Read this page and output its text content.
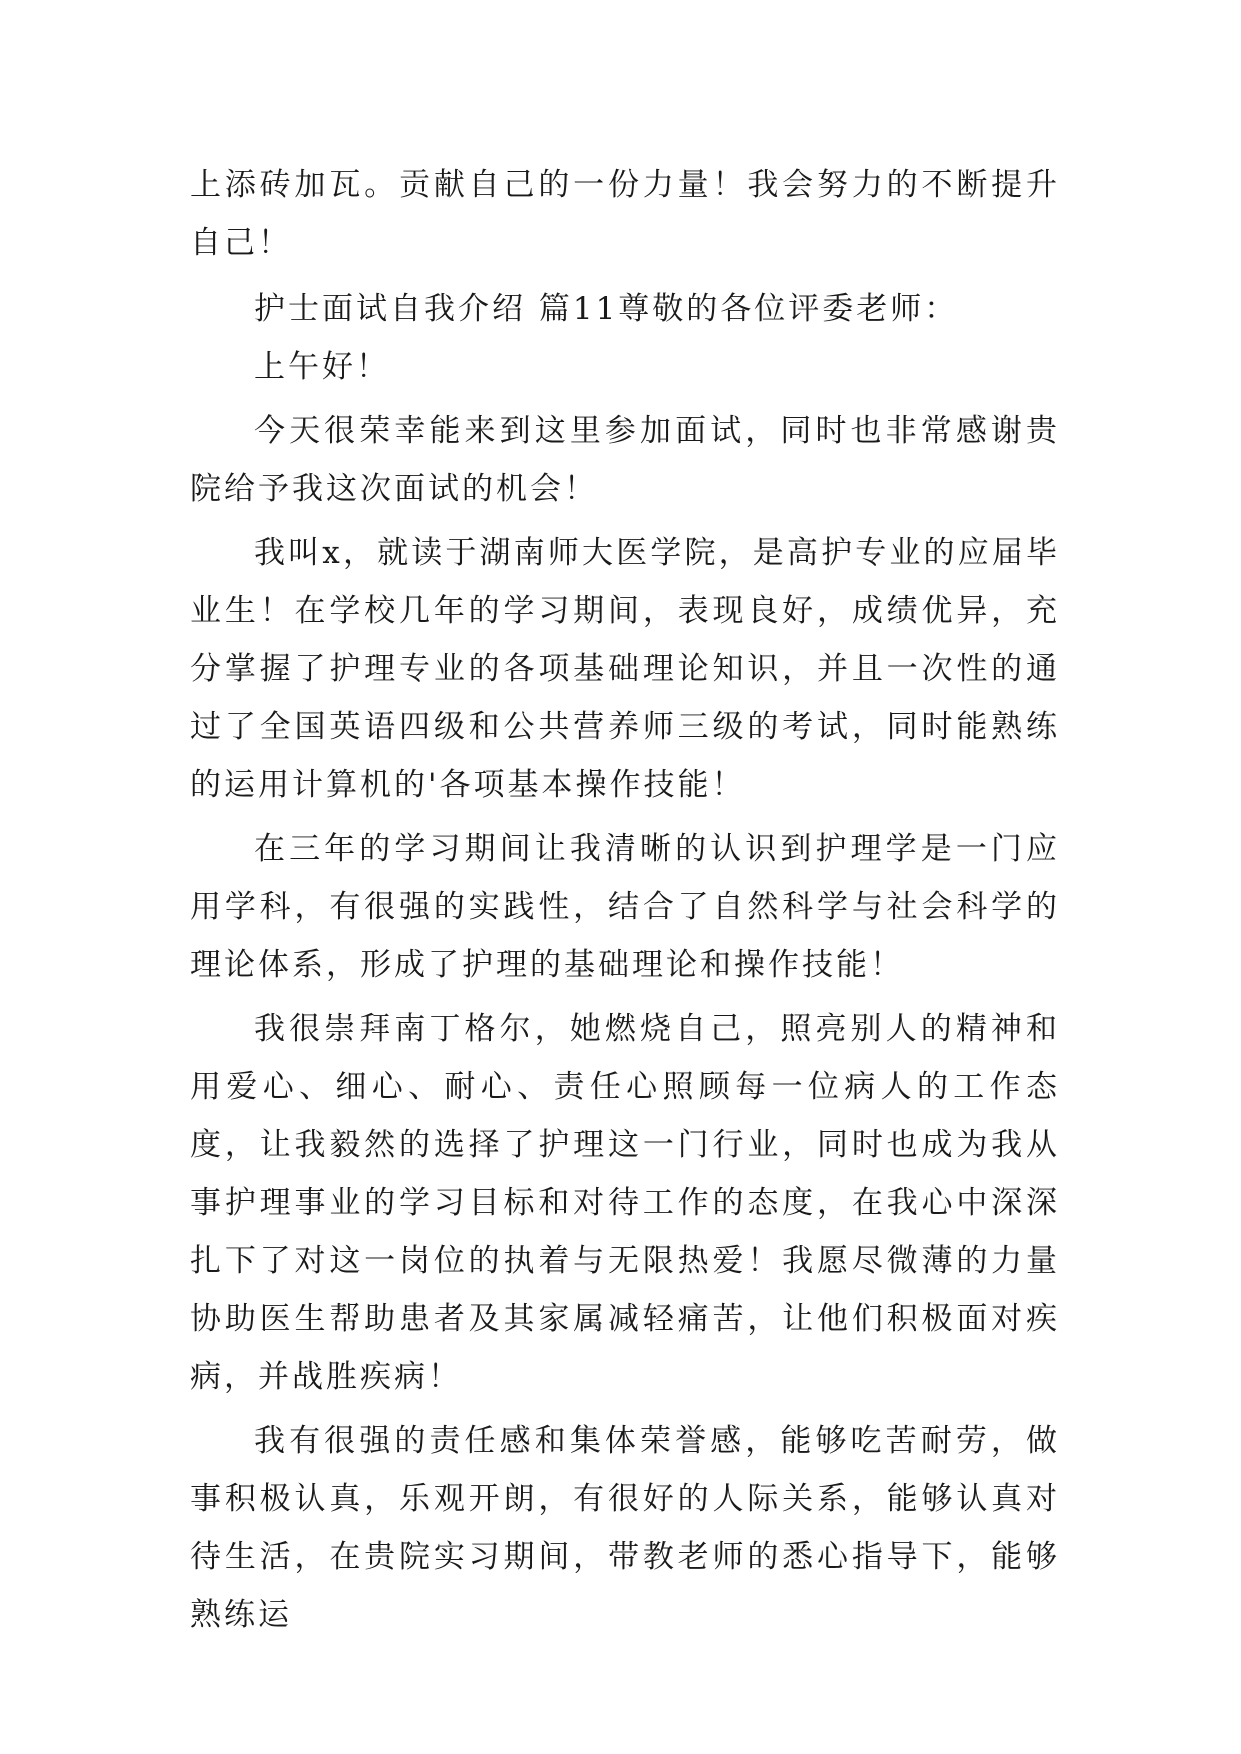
上添砖加瓦。贡献自己的一份力量！我会努力的不断提升自己！

护士面试自我介绍 篇11尊敬的各位评委老师：

上午好！

今天很荣幸能来到这里参加面试，同时也非常感谢贵院给予我这次面试的机会！

我叫x，就读于湖南师大医学院，是高护专业的应届毕业生！在学校几年的学习期间，表现良好，成绩优异，充分掌握了护理专业的各项基础理论知识，并且一次性的通过了全国英语四级和公共营养师三级的考试，同时能熟练的运用计算机的'各项基本操作技能！

在三年的学习期间让我清晰的认识到护理学是一门应用学科，有很强的实践性，结合了自然科学与社会科学的理论体系，形成了护理的基础理论和操作技能！

我很崇拜南丁格尔，她燃烧自己，照亮别人的精神和用爱心、细心、耐心、责任心照顾每一位病人的工作态度，让我毅然的选择了护理这一门行业，同时也成为我从事护理事业的学习目标和对待工作的态度，在我心中深深扎下了对这一岗位的执着与无限热爱！我愿尽微薄的力量协助医生帮助患者及其家属减轻痛苦，让他们积极面对疾病，并战胜疾病！

我有很强的责任感和集体荣誉感，能够吃苦耐劳，做事积极认真，乐观开朗，有很好的人际关系，能够认真对待生活，在贵院实习期间，带教老师的悉心指导下，能够熟练运
